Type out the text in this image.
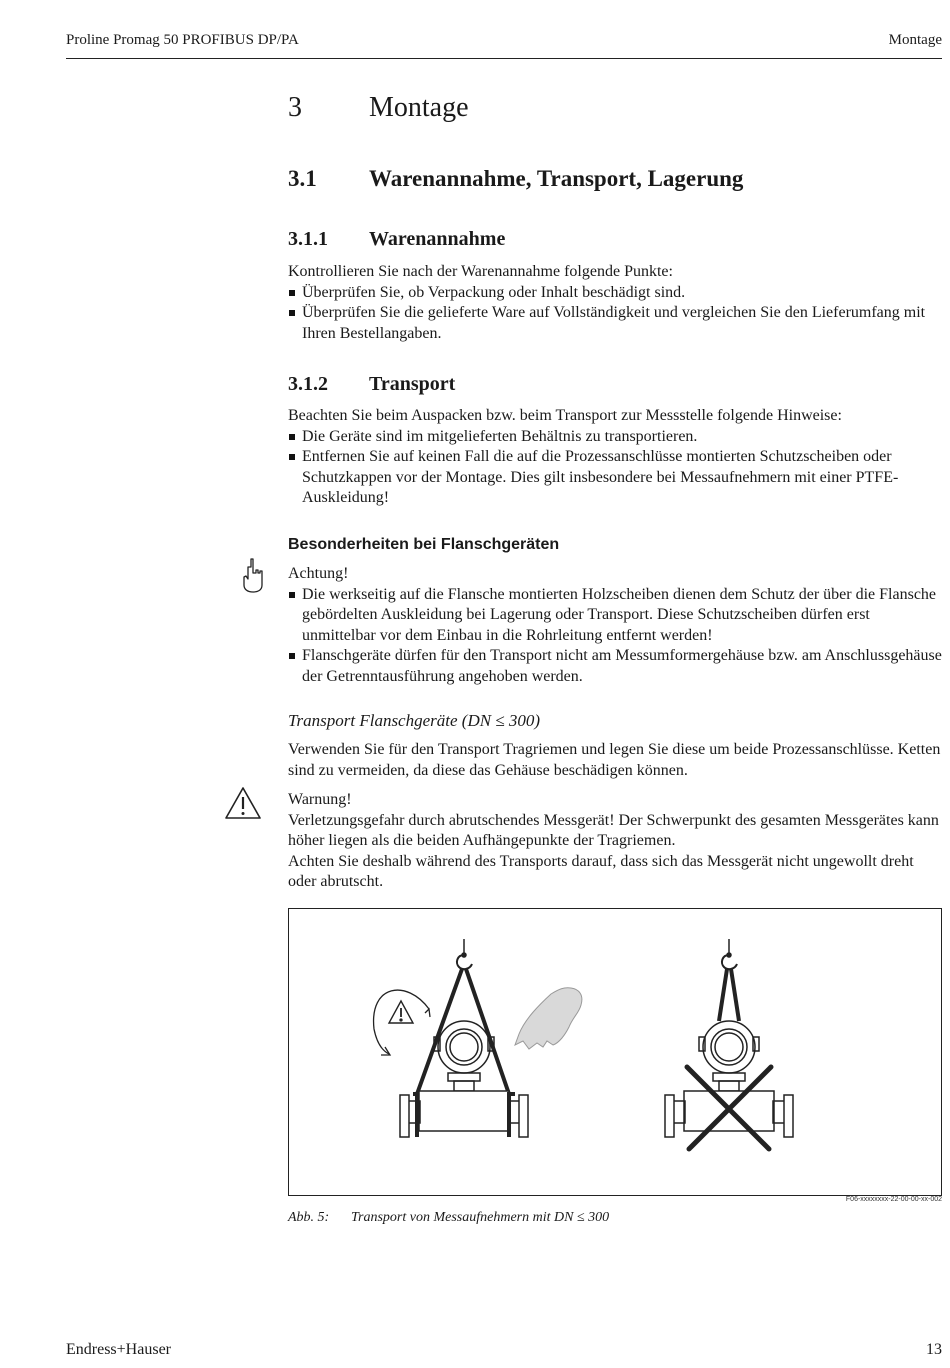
Proline Promag 50 PROFIBUS DP/PA	Montage
3 Montage
3.1 Warenannahme, Transport, Lagerung
3.1.1 Warenannahme

Kontrollieren Sie nach der Warenannahme folgende Punkte:

Überprüfen Sie, ob Verpackung oder Inhalt beschädigt sind.
Überprüfen Sie die gelieferte Ware auf Vollständigkeit und vergleichen Sie den Lieferumfang mit Ihren Bestellangaben.
3.1.2 Transport

Beachten Sie beim Auspacken bzw. beim Transport zur Messstelle folgende Hinweise:

Die Geräte sind im mitgelieferten Behältnis zu transportieren.
Entfernen Sie auf keinen Fall die auf die Prozessanschlüsse montierten Schutzscheiben oder Schutzkappen vor der Montage. Dies gilt insbesondere bei Messaufnehmern mit einer PTFE-Auskleidung!
Besonderheiten bei Flanschgeräten

Achtung!

Die werkseitig auf die Flansche montierten Holzscheiben dienen dem Schutz der über die Flansche gebördelten Auskleidung bei Lagerung oder Transport. Diese Schutzscheiben dürfen erst unmittelbar vor dem Einbau in die Rohrleitung entfernt werden!
Flanschgeräte dürfen für den Transport nicht am Messumformergehäuse bzw. am Anschlussgehäuse der Getrenntausführung angehoben werden.
Transport Flanschgeräte (DN ≤ 300)
Verwenden Sie für den Transport Tragriemen und legen Sie diese um beide Prozessanschlüsse. Ketten sind zu vermeiden, da diese das Gehäuse beschädigen können.

Warnung!

Verletzungsgefahr durch abrutschendes Messgerät! Der Schwerpunkt des gesamten Messgerätes kann höher liegen als die beiden Aufhängepunkte der Tragriemen.

Achten Sie deshalb während des Transports darauf, dass sich das Messgerät nicht ungewollt dreht oder abrutscht.

F06-xxxxxxxx-22-00-00-xx-002
Abb. 5: Transport von Messaufnehmern mit DN ≤ 300
Endress+Hauser	13
